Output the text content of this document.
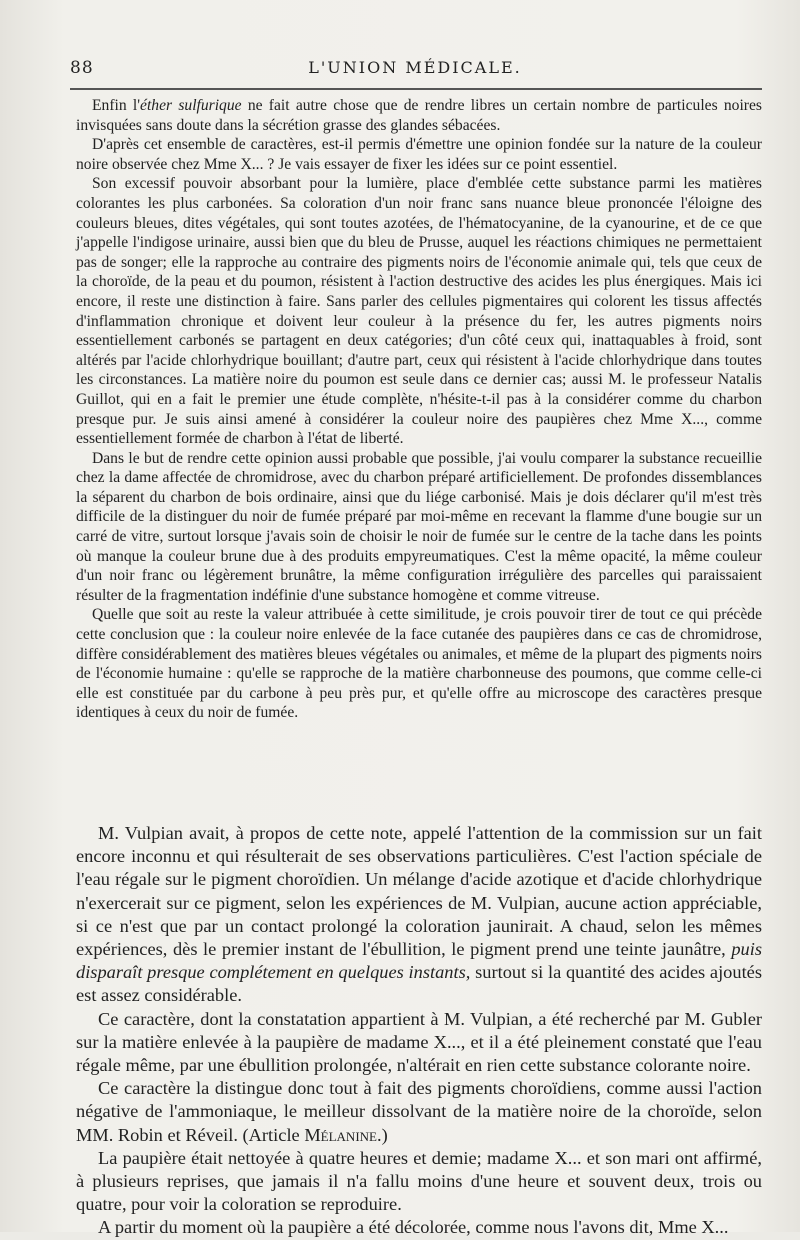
88	L'UNION MÉDICALE.

Enfin l'éther sulfurique ne fait autre chose que de rendre libres un certain nombre de particules noires invisquées sans doute dans la sécrétion grasse des glandes sébacées.

D'après cet ensemble de caractères, est-il permis d'émettre une opinion fondée sur la nature de la couleur noire observée chez Mme X... ? Je vais essayer de fixer les idées sur ce point essentiel.

Son excessif pouvoir absorbant pour la lumière, place d'emblée cette substance parmi les matières colorantes les plus carbonées. Sa coloration d'un noir franc sans nuance bleue prononcée l'éloigne des couleurs bleues, dites végétales, qui sont toutes azotées, de l'hématocyanine, de la cyanourine, et de ce que j'appelle l'indigose urinaire, aussi bien que du bleu de Prusse, auquel les réactions chimiques ne permettaient pas de songer; elle la rapproche au contraire des pigments noirs de l'économie animale qui, tels que ceux de la choroïde, de la peau et du poumon, résistent à l'action destructive des acides les plus énergiques. Mais ici encore, il reste une distinction à faire. Sans parler des cellules pigmentaires qui colorent les tissus affectés d'inflammation chronique et doivent leur couleur à la présence du fer, les autres pigments noirs essentiellement carbonés se partagent en deux catégories; d'un côté ceux qui, inattaquables à froid, sont altérés par l'acide chlorhydrique bouillant; d'autre part, ceux qui résistent à l'acide chlorhydrique dans toutes les circonstances. La matière noire du poumon est seule dans ce dernier cas; aussi M. le professeur Natalis Guillot, qui en a fait le premier une étude complète, n'hésite-t-il pas à la considérer comme du charbon presque pur. Je suis ainsi amené à considérer la couleur noire des paupières chez Mme X..., comme essentiellement formée de charbon à l'état de liberté.

Dans le but de rendre cette opinion aussi probable que possible, j'ai voulu comparer la substance recueillie chez la dame affectée de chromidrose, avec du charbon préparé artificiellement. De profondes dissemblances la séparent du charbon de bois ordinaire, ainsi que du liége carbonisé. Mais je dois déclarer qu'il m'est très difficile de la distinguer du noir de fumée préparé par moi-même en recevant la flamme d'une bougie sur un carré de vitre, surtout lorsque j'avais soin de choisir le noir de fumée sur le centre de la tache dans les points où manque la couleur brune due à des produits empyreumatiques. C'est la même opacité, la même couleur d'un noir franc ou légèrement brunâtre, la même configuration irrégulière des parcelles qui paraissaient résulter de la fragmentation indéfinie d'une substance homogène et comme vitreuse.

Quelle que soit au reste la valeur attribuée à cette similitude, je crois pouvoir tirer de tout ce qui précède cette conclusion que : la couleur noire enlevée de la face cutanée des paupières dans ce cas de chromidrose, diffère considérablement des matières bleues végétales ou animales, et même de la plupart des pigments noirs de l'économie humaine : qu'elle se rapproche de la matière charbonneuse des poumons, que comme celle-ci elle est constituée par du carbone à peu près pur, et qu'elle offre au microscope des caractères presque identiques à ceux du noir de fumée.

M. Vulpian avait, à propos de cette note, appelé l'attention de la commission sur un fait encore inconnu et qui résulterait de ses observations particulières. C'est l'action spéciale de l'eau régale sur le pigment choroïdien. Un mélange d'acide azotique et d'acide chlorhydrique n'exercerait sur ce pigment, selon les expériences de M. Vulpian, aucune action appréciable, si ce n'est que par un contact prolongé la coloration jaunirait. A chaud, selon les mêmes expériences, dès le premier instant de l'ébullition, le pigment prend une teinte jaunâtre, puis disparaît presque complétement en quelques instants, surtout si la quantité des acides ajoutés est assez considérable.

Ce caractère, dont la constatation appartient à M. Vulpian, a été recherché par M. Gubler sur la matière enlevée à la paupière de madame X..., et il a été pleinement constaté que l'eau régale même, par une ébullition prolongée, n'altérait en rien cette substance colorante noire.

Ce caractère la distingue donc tout à fait des pigments choroïdiens, comme aussi l'action négative de l'ammoniaque, le meilleur dissolvant de la matière noire de la choroïde, selon MM. Robin et Réveil. (Article Mélanine.)

La paupière était nettoyée à quatre heures et demie; madame X... et son mari ont affirmé, à plusieurs reprises, que jamais il n'a fallu moins d'une heure et souvent deux, trois ou quatre, pour voir la coloration se reproduire.

A partir du moment où la paupière a été décolorée, comme nous l'avons dit, Mme X...
